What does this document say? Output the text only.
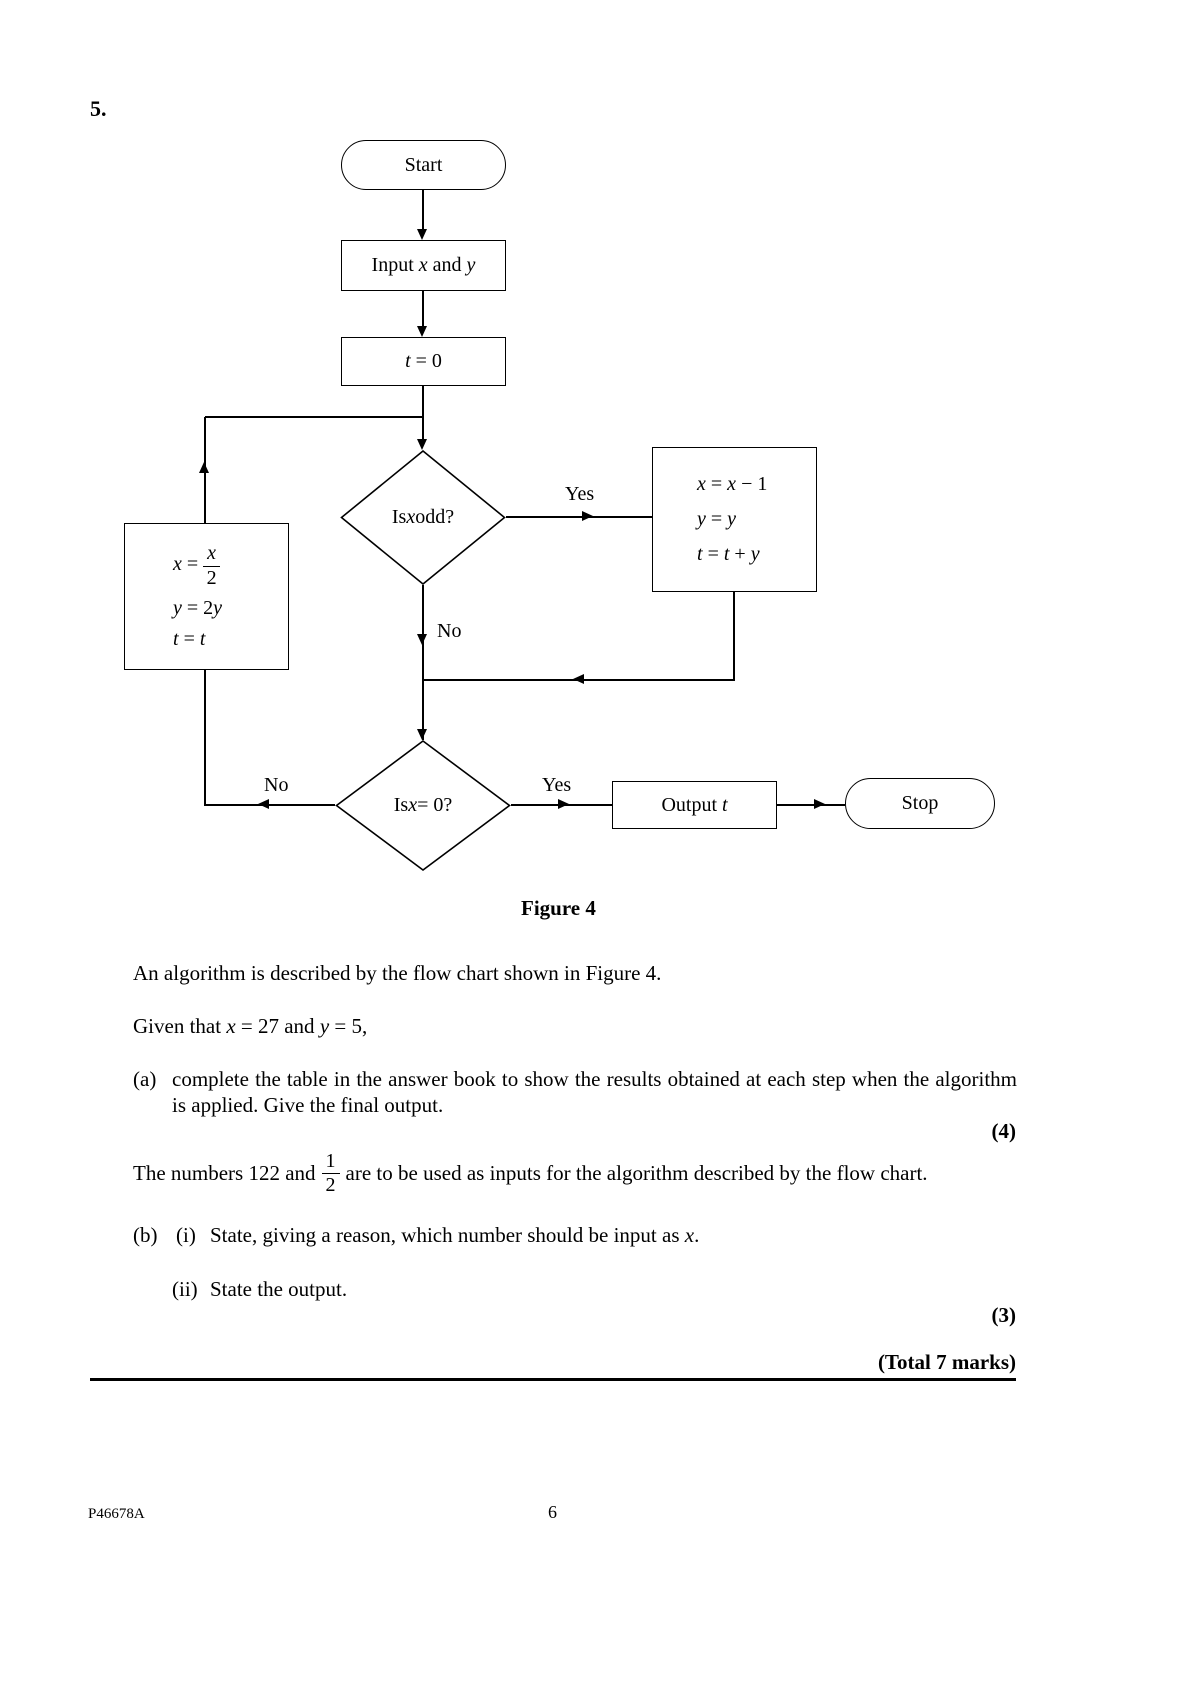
5.
Start
Input x and y
t = 0
Is x odd?
Yes
No
Yes
No
x = x − 1
y = y
t = t + y
$x = \frac{x}{2}$
y = 2y
t = t
Is x = 0?	Output t	Stop
Figure 4
An algorithm is described by the flow chart shown in Figure 4.
Given that x = 27 and y = 5,
(a) complete the table in the answer book to show the results obtained at each step when the algorithm is applied. Give the final output.
(4)
The numbers 122 and $\frac{1}{2}$ are to be used as inputs for the algorithm described by the flow chart.
(b) (i) State, giving a reason, which number should be input as x.
(ii) State the output.
(3)
(Total 7 marks)
P46678A	6
